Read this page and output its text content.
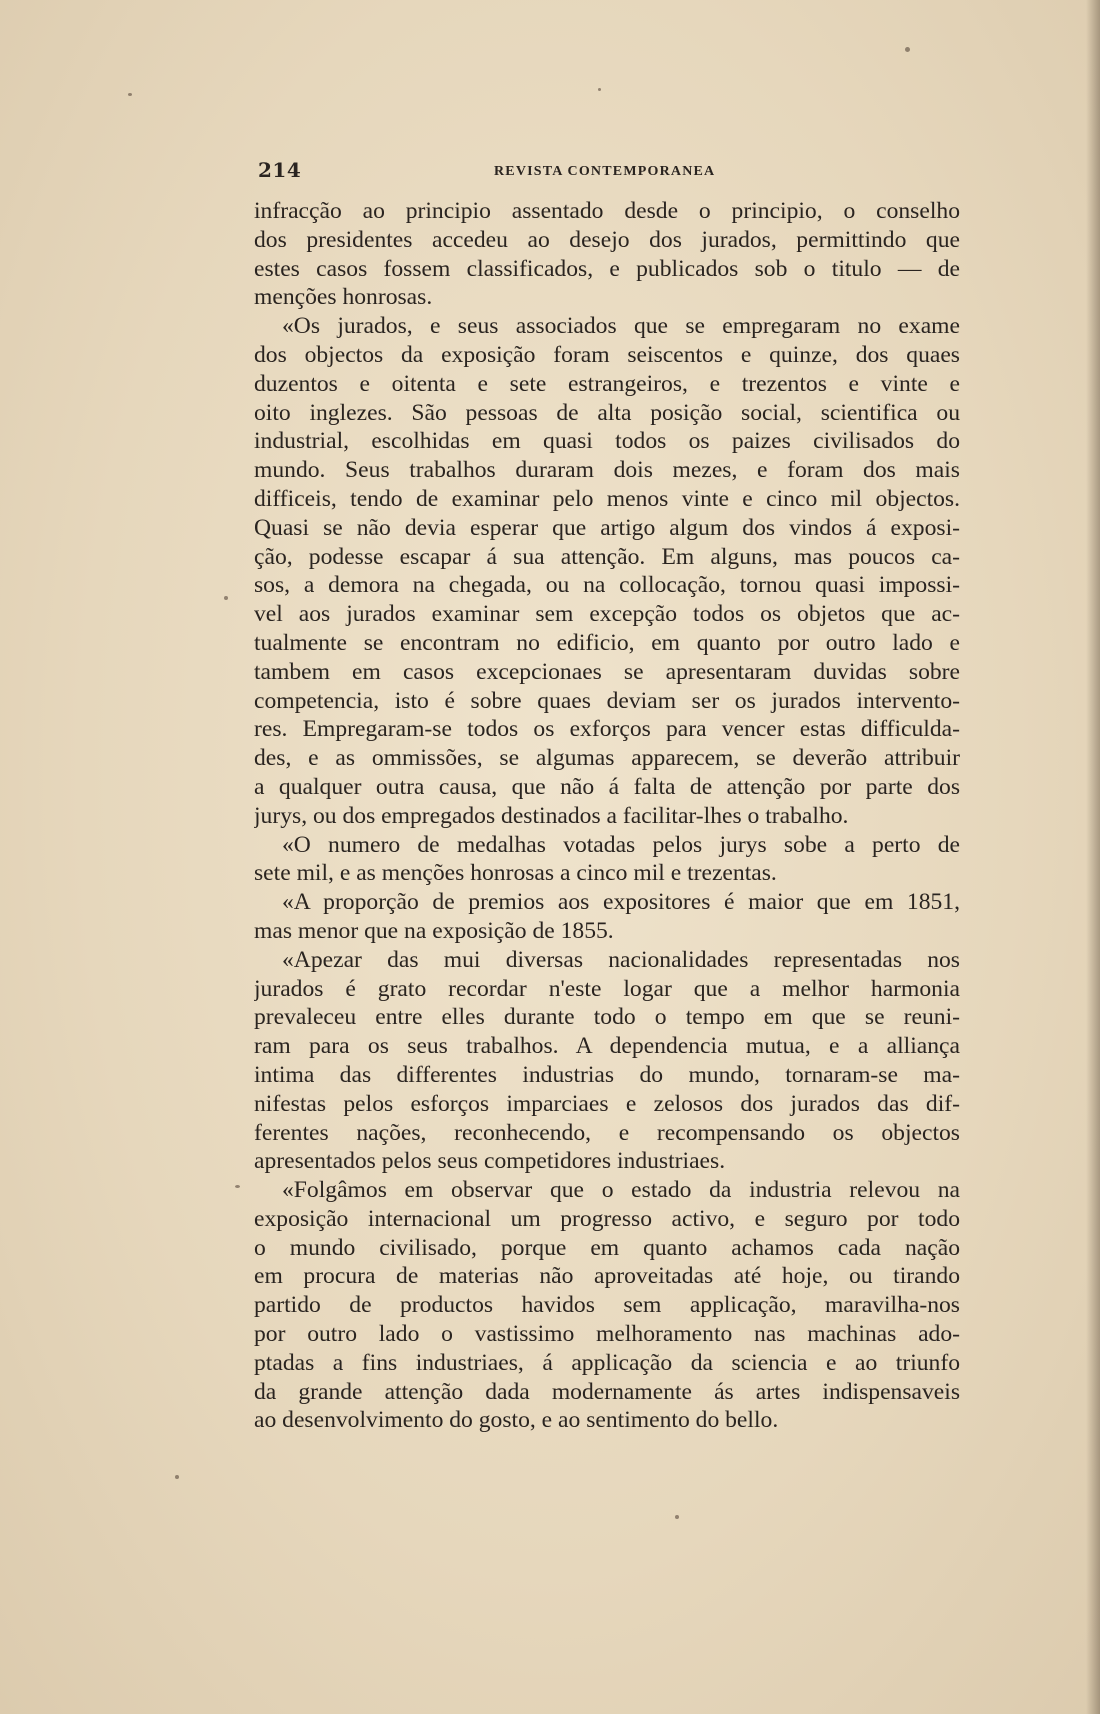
214	REVISTA CONTEMPORANEA
infracção ao principio assentado desde o principio, o conselho
dos presidentes accedeu ao desejo dos jurados, permittindo que
estes casos fossem classificados, e publicados sob o titulo — de
menções honrosas.
«Os jurados, e seus associados que se empregaram no exame
dos objectos da exposição foram seiscentos e quinze, dos quaes
duzentos e oitenta e sete estrangeiros, e trezentos e vinte e
oito inglezes. São pessoas de alta posição social, scientifica ou
industrial, escolhidas em quasi todos os paizes civilisados do
mundo. Seus trabalhos duraram dois mezes, e foram dos mais
difficeis, tendo de examinar pelo menos vinte e cinco mil objectos.
Quasi se não devia esperar que artigo algum dos vindos á exposi-
ção, podesse escapar á sua attenção. Em alguns, mas poucos ca-
sos, a demora na chegada, ou na collocação, tornou quasi impossi-
vel aos jurados examinar sem excepção todos os objetos que ac-
tualmente se encontram no edificio, em quanto por outro lado e
tambem em casos excepcionaes se apresentaram duvidas sobre
competencia, isto é sobre quaes deviam ser os jurados intervento-
res. Empregaram-se todos os exforços para vencer estas difficulda-
des, e as ommissões, se algumas apparecem, se deverão attribuir
a qualquer outra causa, que não á falta de attenção por parte dos
jurys, ou dos empregados destinados a facilitar-lhes o trabalho.
«O numero de medalhas votadas pelos jurys sobe a perto de
sete mil, e as menções honrosas a cinco mil e trezentas.
«A proporção de premios aos expositores é maior que em 1851,
mas menor que na exposição de 1855.
«Apezar das mui diversas nacionalidades representadas nos
jurados é grato recordar n'este logar que a melhor harmonia
prevaleceu entre elles durante todo o tempo em que se reuni-
ram para os seus trabalhos. A dependencia mutua, e a alliança
intima das differentes industrias do mundo, tornaram-se ma-
nifestas pelos esforços imparciaes e zelosos dos jurados das dif-
ferentes nações, reconhecendo, e recompensando os objectos
apresentados pelos seus competidores industriaes.
«Folgâmos em observar que o estado da industria relevou na
exposição internacional um progresso activo, e seguro por todo
o mundo civilisado, porque em quanto achamos cada nação
em procura de materias não aproveitadas até hoje, ou tirando
partido de productos havidos sem applicação, maravilha-nos
por outro lado o vastissimo melhoramento nas machinas ado-
ptadas a fins industriaes, á applicação da sciencia e ao triunfo
da grande attenção dada modernamente ás artes indispensaveis
ao desenvolvimento do gosto, e ao sentimento do bello.
